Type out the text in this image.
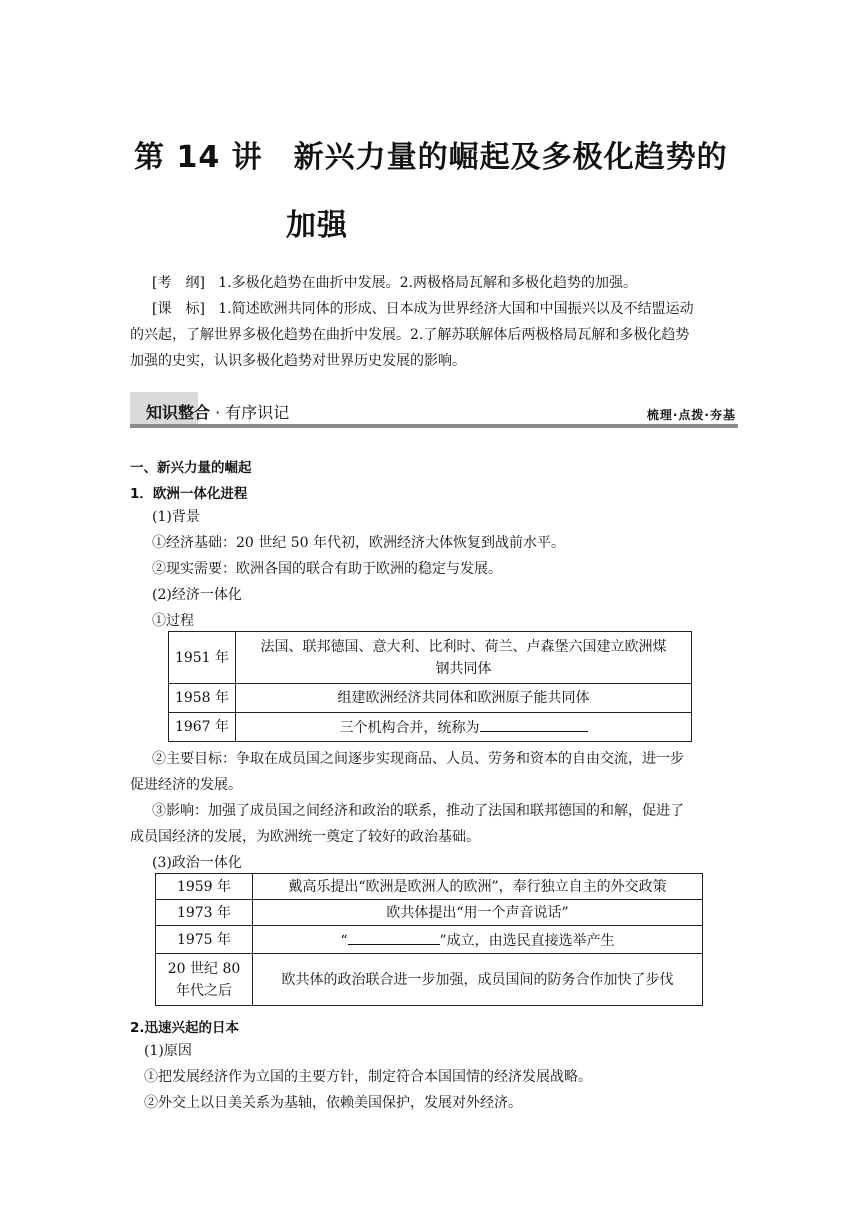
第 14 讲　新兴力量的崛起及多极化趋势的
加强
[考　纲] 1.多极化趋势在曲折中发展。2.两极格局瓦解和多极化趋势的加强。
[课　标] 1.简述欧洲共同体的形成、日本成为世界经济大国和中国振兴以及不结盟运动
的兴起，了解世界多极化趋势在曲折中发展。2.了解苏联解体后两极格局瓦解和多极化趋势
加强的史实，认识多极化趋势对世界历史发展的影响。
知识整合 · 有序识记	梳理·点拨·夯基
一、新兴力量的崛起
1．欧洲一体化进程
(1)背景
①经济基础：20 世纪 50 年代初，欧洲经济大体恢复到战前水平。
②现实需要：欧洲各国的联合有助于欧洲的稳定与发展。
(2)经济一体化
①过程
1951 年	法国、联邦德国、意大利、比利时、荷兰、卢森堡六国建立欧洲煤
钢共同体

1958 年	组建欧洲经济共同体和欧洲原子能共同体
1967 年	三个机构合并，统称为
②主要目标：争取在成员国之间逐步实现商品、人员、劳务和资本的自由交流，进一步
促进经济的发展。
③影响：加强了成员国之间经济和政治的联系，推动了法国和联邦德国的和解，促进了
成员国经济的发展，为欧洲统一奠定了较好的政治基础。
(3)政治一体化
1959 年	戴高乐提出“欧洲是欧洲人的欧洲”，奉行独立自主的外交政策
1973 年	欧共体提出“用一个声音说话”
1975 年	“ ”成立，由选民直接选举产生

20 世纪 80
年代之后	欧共体的政治联合进一步加强，成员国间的防务合作加快了步伐
2.迅速兴起的日本
(1)原因
①把发展经济作为立国的主要方针，制定符合本国国情的经济发展战略。
②外交上以日美关系为基轴，依赖美国保护，发展对外经济。
